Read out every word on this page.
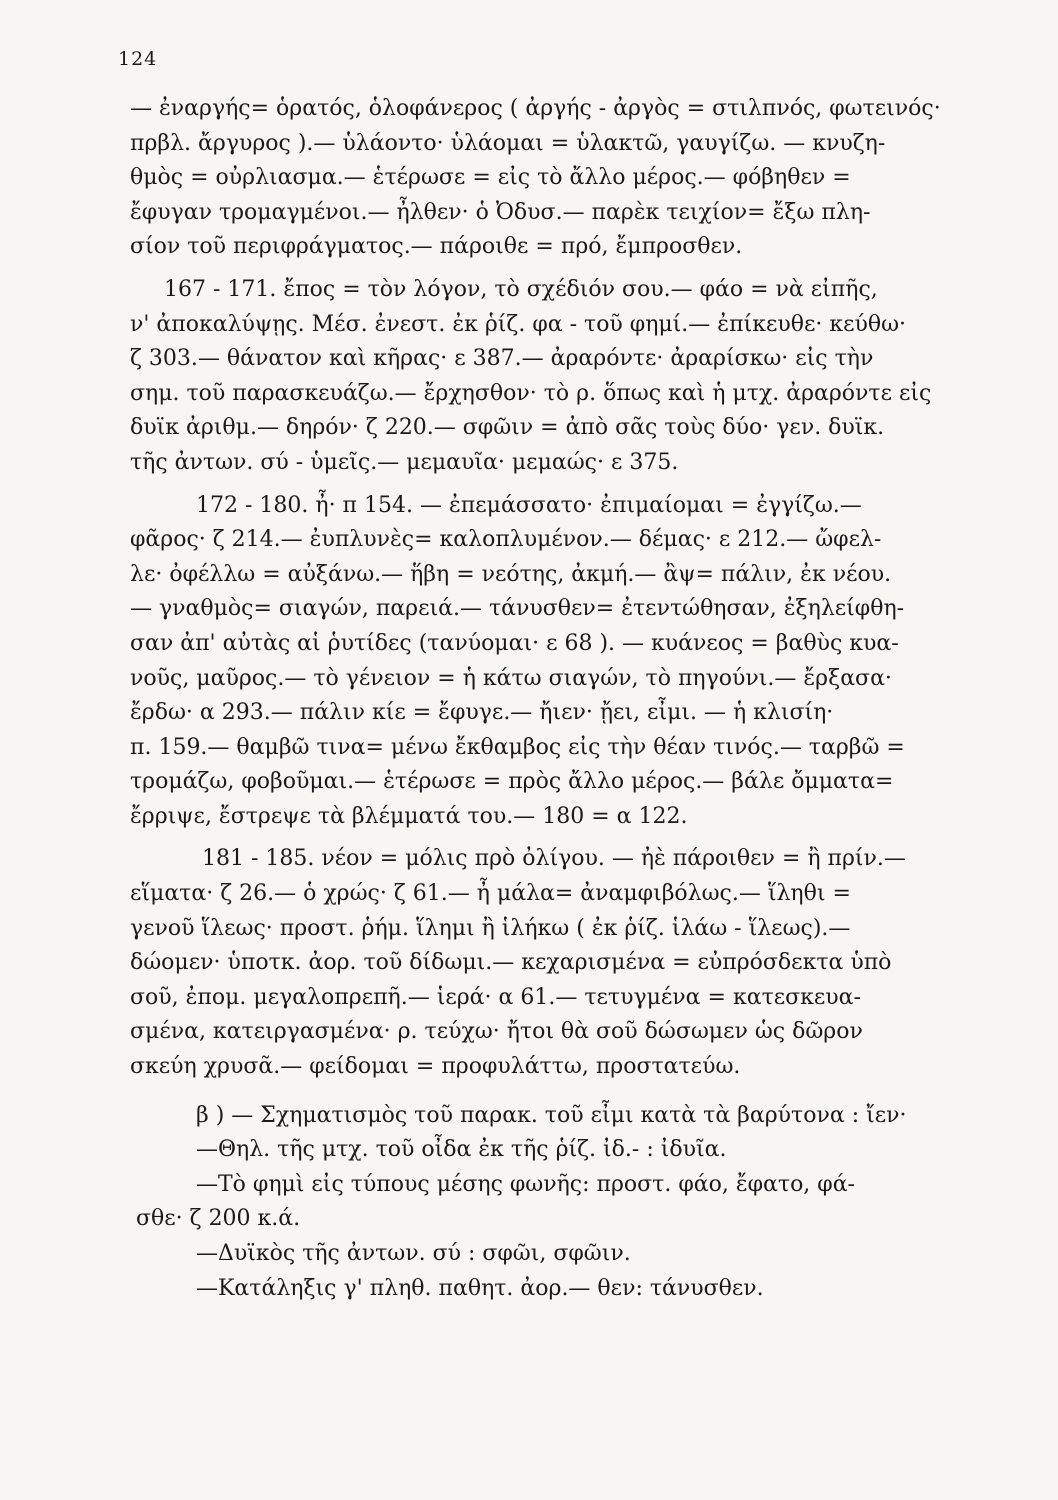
124
— ἐναργής= ὁρατός, ὁλοφάνερος ( ἀργής - ἀργὸς = στιλπνός, φωτεινός·
πρβλ. ἄργυρος ).— ὑλάοντο· ὑλάομαι = ὑλακτῶ, γαυγίζω. — κνυζη-
θμὸς = οὐρλιασμα.— ἑτέρωσε = εἰς τὸ ἄλλο μέρος.— φόβηθεν =
ἔφυγαν τρομαγμένοι.— ἦλθεν· ὁ Ὀδυσ.— παρὲκ τειχίον= ἔξω πλη-
σίον τοῦ περιφράγματος.— πάροιθε = πρό, ἔμπροσθεν.
167 - 171. ἔπος = τὸν λόγον, τὸ σχέδιόν σου.— φάο = νὰ εἰπῆς,
ν' ἀποκαλύψῃς. Μέσ. ἐνεστ. ἐκ ῥίζ. φα - τοῦ φημί.— ἐπίκευθε· κεύθω·
ζ 303.— θάνατον καὶ κῆρας· ε 387.— ἀραρόντε· ἀραρίσκω· εἰς τὴν
σημ. τοῦ παρασκευάζω.— ἔρχησθον· τὸ ρ. ὅπως καὶ ἡ μτχ. ἀραρόντε εἰς
δυϊκ ἀριθμ.— δηρόν· ζ 220.— σφῶιν = ἀπὸ σᾶς τοὺς δύο· γεν. δυϊκ.
τῆς ἀντων. σύ - ὑμεῖς.— μεμαυῖα· μεμαώς· ε 375.
172 - 180. ἦ· π 154. — ἐπεμάσσατο· ἐπιμαίομαι = ἐγγίζω.—
φᾶρος· ζ 214.— ἐυπλυνὲς= καλοπλυμένον.— δέμας· ε 212.— ὤφελ-
λε· ὀφέλλω = αὐξάνω.— ἥβη = νεότης, ἀκμή.— ἂψ= πάλιν, ἐκ νέου.
— γναθμὸς= σιαγών, παρειά.— τάνυσθεν= ἐτεντώθησαν, ἐξηλείφθη-
σαν ἀπ' αὐτὰς αἱ ῥυτίδες (τανύομαι· ε 68 ). — κυάνεος = βαθὺς κυα-
νοῦς, μαῦρος.— τὸ γένειον = ἡ κάτω σιαγών, τὸ πηγούνι.— ἔρξασα·
ἔρδω· α 293.— πάλιν κίε = ἔφυγε.— ἤιεν· ᾔει, εἶμι. — ἡ κλισίη·
π. 159.— θαμβῶ τινα= μένω ἔκθαμβος εἰς τὴν θέαν τινός.— ταρβῶ =
τρομάζω, φοβοῦμαι.— ἑτέρωσε = πρὸς ἄλλο μέρος.— βάλε ὄμματα=
ἔρριψε, ἔστρεψε τὰ βλέμματά του.— 180 = α 122.
181 - 185. νέον = μόλις πρὸ ὀλίγου. — ἠὲ πάροιθεν = ἢ πρίν.—
εἵματα· ζ 26.— ὁ χρώς· ζ 61.— ἦ μάλα= ἀναμφιβόλως.— ἵληθι =
γενοῦ ἵλεως· προστ. ῥήμ. ἵλημι ἢ ἱλήκω ( ἐκ ῥίζ. ἱλάω - ἵλεως).—
δώομεν· ὑποτκ. ἀορ. τοῦ δίδωμι.— κεχαρισμένα = εὐπρόσδεκτα ὑπὸ
σοῦ, ἐπομ. μεγαλοπρεπῆ.— ἱερά· α 61.— τετυγμένα = κατεσκευα-
σμένα, κατειργασμένα· ρ. τεύχω· ἤτοι θὰ σοῦ δώσωμεν ὡς δῶρον
σκεύη χρυσᾶ.— φείδομαι = προφυλάττω, προστατεύω.
β ) — Σχηματισμὸς τοῦ παρακ. τοῦ εἶμι κατὰ τὰ βαρύτονα : ἴεν·
—Θηλ. τῆς μτχ. τοῦ οἶδα ἐκ τῆς ῥίζ. ἰδ.- : ἰδυῖα.
—Τὸ φημὶ εἰς τύπους μέσης φωνῆς: προστ. φάο, ἔφατο, φά-
σθε· ζ 200 κ.ά.
—Δυϊκὸς τῆς ἀντων. σύ : σφῶι, σφῶιν.
—Κατάληξις γ' πληθ. παθητ. ἀορ.— θεν: τάνυσθεν.
